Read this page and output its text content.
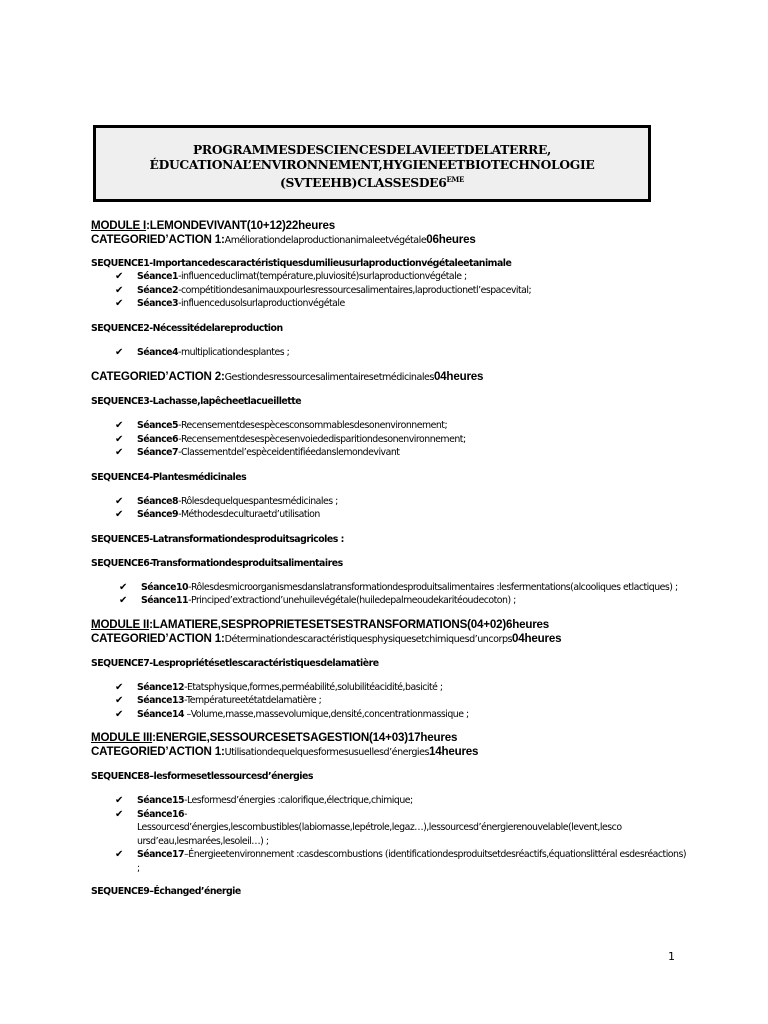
PROGRAMMESDESCIENCESDELAVIEETDELATERRE,
ÉDUCATIONAL’ENVIRONNEMENT,HYGIENEETBIOTECHNOLOGIE
(SVTEEHB)CLASSESDE6EME
MODULE I:LEMONDEVIVANT(10+12)22heures
CATEGORIED’ACTION 1:Améliorationdelaproductionanimaleetvégétale06heures
SEQUENCE1-Importancedescaractéristiquesdumilieusurlaproductionvégétaleetanimale
✔ Séance1-influenceduclimat(température,pluviosité)surlaproductionvégétale ;
✔ Séance2-compétitiondesanimauxpourlesressourcesalimentaires,laproductionetl’espacevital;
✔ Séance3-influencedusolsurlaproductionvégétale
SEQUENCE2-Nécessitédelareproduction
✔ Séance4-multiplicationdesplantes ;
CATEGORIED’ACTION 2:Gestiondesressourcesalimentairesetmédicinales04heures
SEQUENCE3-Lachasse,lapêcheetlacueillette
✔ Séance5-Recensementdesespècesconsommablesdesonenvironnement;
✔ Séance6-Recensementdesespècesenvoiededisparitiondesonenvironnement;
✔ Séance7-Classementdel’espèceidentifiéedanslemondevivant
SEQUENCE4-Plantesmédicinales
✔ Séance8-Rôlesdequelquespantesmédicinales ;
✔ Séance9-Méthodesdeculturaetd’utilisation
SEQUENCE5-Latransformationdesproduitsagricoles :
SEQUENCE6-Transformationdesproduitsalimentaires
✔ Séance10-Rôlesdesmicroorganismesdanslatransformationdesproduitsalimentaires :lesfermentations(alcooliques etlactiques) ;
✔ Séance11-Principed’extractiond’unehuilevégétale(huiledepalmeoudekaritéoudecoton) ;
MODULE II:LAMATIERE,SESPROPRIETESETSESTRANSFORMATIONS(04+02)6heures
CATEGORIED’ACTION 1:Déterminationdescaractéristiquesphysiquesetchimiquesd’uncorps04heures
SEQUENCE7-Lespropriétésetlescaractéristiquesdelamatière
✔ Séance12-Etatsphysique,formes,perméabilité,solubilitéacidité,basicité ;
✔ Séance13-Températureetétatdelamatière ;
✔ Séance14 –Volume,masse,massevolumique,densité,concentrationmassique ;
MODULE III:ENERGIE,SESSOURCESETSAGESTION(14+03)17heures
CATEGORIED’ACTION 1:Utilisationdequelquesformesusuellesd’énergies14heures
SEQUENCE8–lesformesetlessourcesd’énergies
✔ Séance15-Lesformesd’énergies :calorifique,électrique,chimique;
✔ Séance16-
Lessourcesd’énergies,lescombustibles(labiomasse,lepétrole,legaz…),lessourcesd’énergierenouvelable(levent,lesco ursd’eau,lesmarées,lesoleil…) ;
✔ Séance17–Énergieetenvironnement :casdescombustions (identificationdesproduitsetdesréactifs,équationslittéral esdesréactions) ;
SEQUENCE9–Échanged’énergie
1
